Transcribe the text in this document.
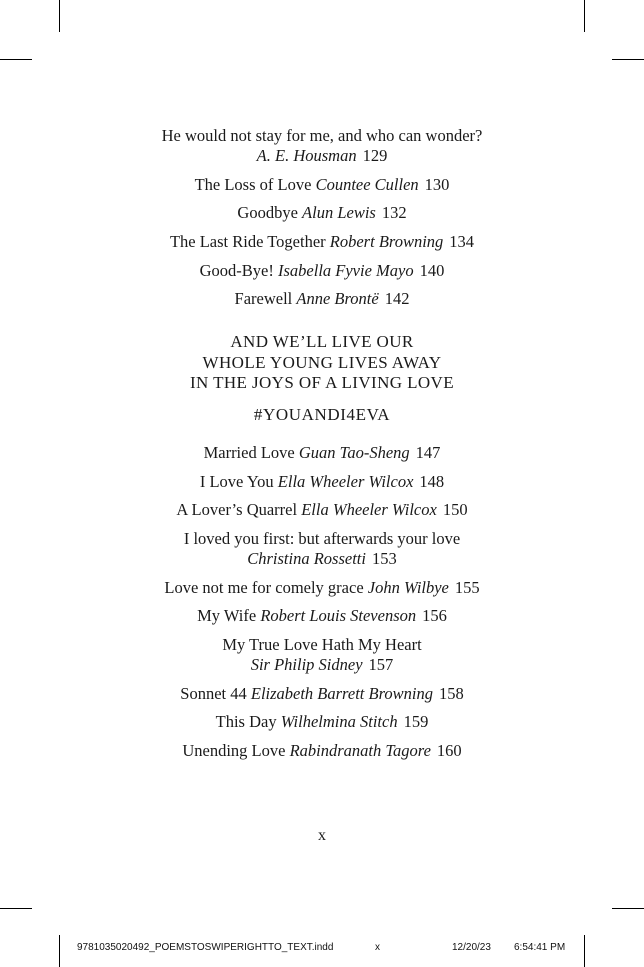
He would not stay for me, and who can wonder?
A. E. Housman 129
The Loss of Love Countee Cullen 130
Goodbye Alun Lewis 132
The Last Ride Together Robert Browning 134
Good-Bye! Isabella Fyvie Mayo 140
Farewell Anne Brontë 142
AND WE’LL LIVE OUR
WHOLE YOUNG LIVES AWAY
IN THE JOYS OF A LIVING LOVE
#YOUANDI4EVA
Married Love Guan Tao-Sheng 147
I Love You Ella Wheeler Wilcox 148
A Lover’s Quarrel Ella Wheeler Wilcox 150
I loved you first: but afterwards your love
Christina Rossetti 153
Love not me for comely grace John Wilbye 155
My Wife Robert Louis Stevenson 156
My True Love Hath My Heart
Sir Philip Sidney 157
Sonnet 44 Elizabeth Barrett Browning 158
This Day Wilhelmina Stitch 159
Unending Love Rabindranath Tagore 160
x
9781035020492_POEMSTOSWIPERIGHTTO_TEXT.indd	x	12/20/23 6:54:41 PM
